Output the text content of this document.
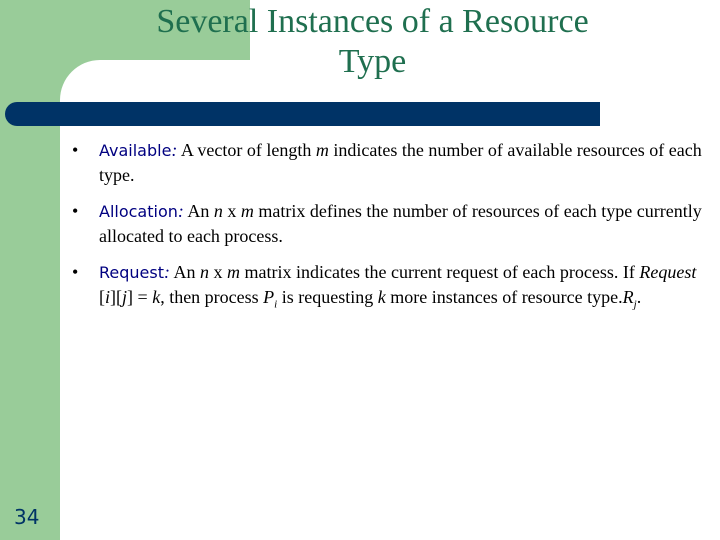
Several Instances of a Resource
Type
• Available: A vector of length m indicates the number of available resources of each type.
• Allocation: An n x m matrix defines the number of resources of each type currently allocated to each process.
• Request: An n x m matrix indicates the current request of each process. If Request [i][j] = k, then process $P_i$ is requesting k more instances of resource $type.R_j$.
34
